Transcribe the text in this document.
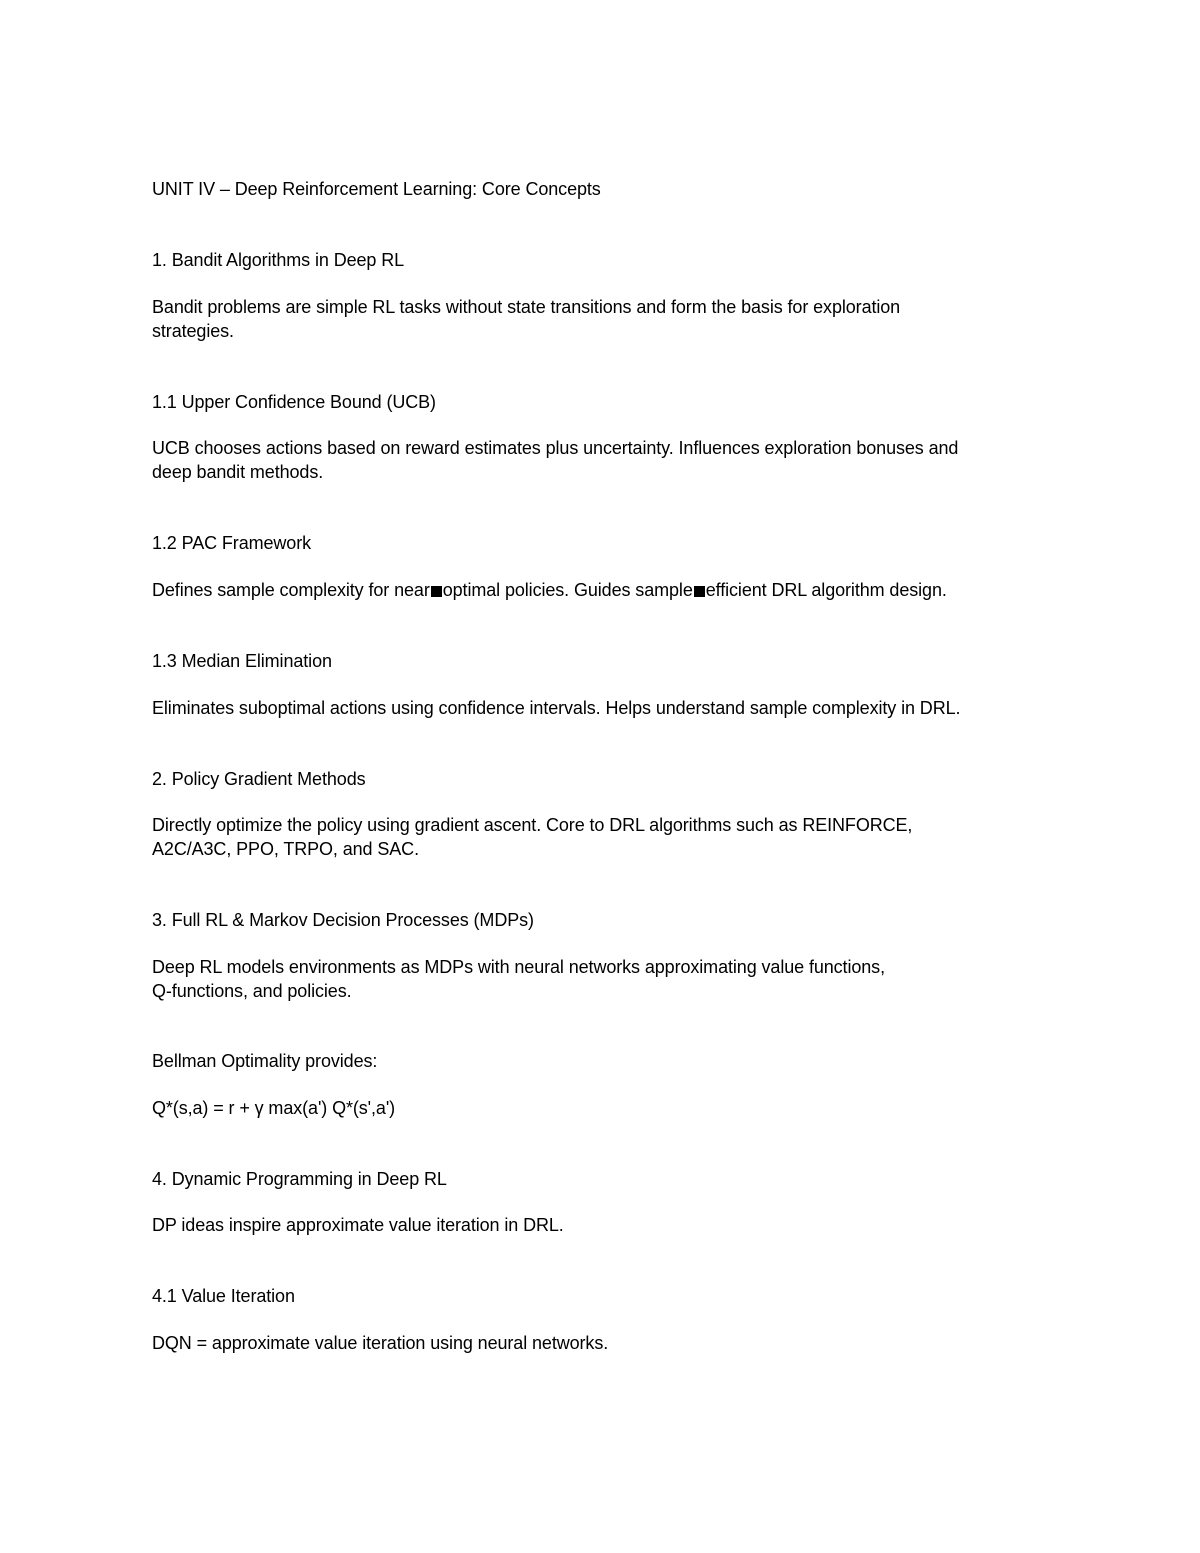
UNIT IV – Deep Reinforcement Learning: Core Concepts
1. Bandit Algorithms in Deep RL
Bandit problems are simple RL tasks without state transitions and form the basis for exploration
strategies.
1.1 Upper Confidence Bound (UCB)
UCB chooses actions based on reward estimates plus uncertainty. Influences exploration bonuses and
deep bandit methods.
1.2 PAC Framework
Defines sample complexity for near optimal policies. Guides sample efficient DRL algorithm design.
1.3 Median Elimination
Eliminates suboptimal actions using confidence intervals. Helps understand sample complexity in DRL.
2. Policy Gradient Methods
Directly optimize the policy using gradient ascent. Core to DRL algorithms such as REINFORCE,
A2C/A3C, PPO, TRPO, and SAC.
3. Full RL & Markov Decision Processes (MDPs)
Deep RL models environments as MDPs with neural networks approximating value functions,
Q-functions, and policies.
Bellman Optimality provides:
Q*(s,a) = r + γ max(a') Q*(s',a')
4. Dynamic Programming in Deep RL
DP ideas inspire approximate value iteration in DRL.
4.1 Value Iteration
DQN = approximate value iteration using neural networks.
